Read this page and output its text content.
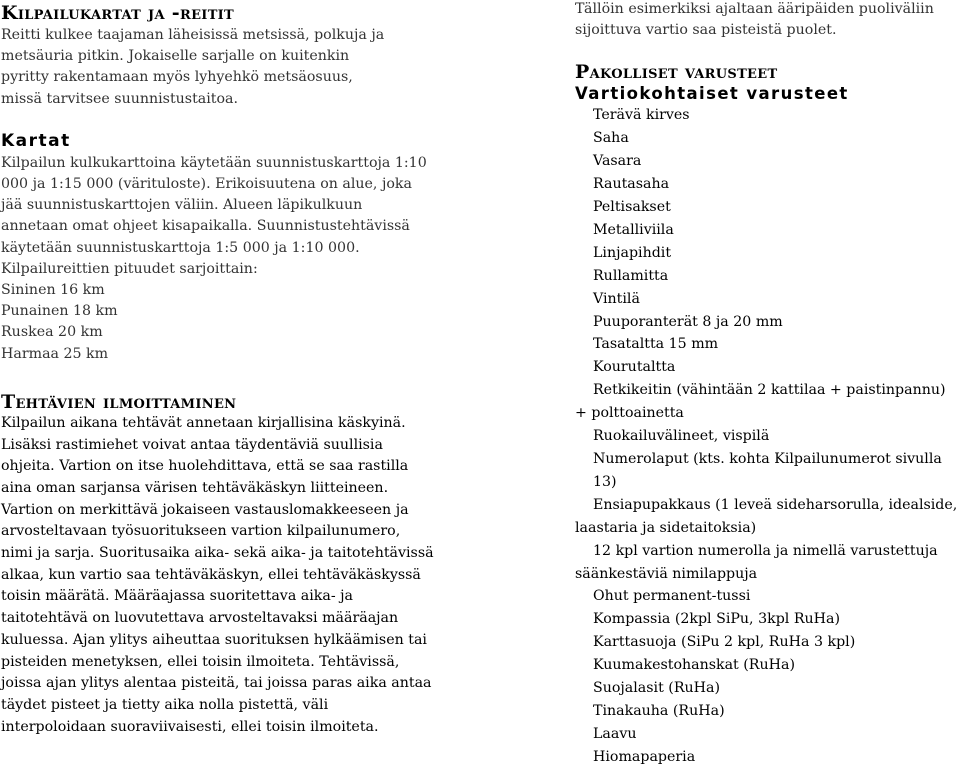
Kilpailukartat ja -reitit

Reitti kulkee taajaman läheisissä metsissä, polkuja ja metsäuria pitkin. Jokaiselle sarjalle on kuitenkin pyritty rakentamaan myös lyhyehkö metsäosuus, missä tarvitsee suunnistustaitoa.

Kartat
Kilpailun kulkukarttoina käytetään suunnistuskarttoja 1:10
000 ja 1:15 000 (värituloste). Erikoisuutena on alue, joka
jää suunnistuskarttojen väliin. Alueen läpikulkuun
annetaan omat ohjeet kisapaikalla. Suunnistustehtävissä
käytetään suunnistuskarttoja 1:5 000 ja 1:10 000.
Kilpailureittien pituudet sarjoittain:
Sininen 16 km
Punainen 18 km
Ruskea 20 km
Harmaa 25 km
Tehtävien ilmoittaminen
Kilpailun aikana tehtävät annetaan kirjallisina käskyinä.
Lisäksi rastimiehet voivat antaa täydentäviä suullisia
ohjeita. Vartion on itse huolehdittava, että se saa rastilla
aina oman sarjansa värisen tehtäväkäskyn liitteineen.
Vartion on merkittävä jokaiseen vastauslomakkeeseen ja
arvosteltavaan työsuoritukseen vartion kilpailunumero,
nimi ja sarja. Suoritusaika aika- sekä aika- ja taitotehtävissä
alkaa, kun vartio saa tehtäväkäskyn, ellei tehtäväkäskyssä
toisin määrätä. Määräajassa suoritettava aika- ja
taitotehtävä on luovutettava arvosteltavaksi määräajan
kuluessa. Ajan ylitys aiheuttaa suorituksen hylkäämisen tai
pisteiden menetyksen, ellei toisin ilmoiteta. Tehtävissä,
joissa ajan ylitys alentaa pisteitä, tai joissa paras aika antaa
täydet pisteet ja tietty aika nolla pistettä, väli
interpoloidaan suoraviivaisesti, ellei toisin ilmoiteta.
Tällöin esimerkiksi ajaltaan ääripäiden puoliväliin
sijoittuva vartio saa pisteistä puolet.
Pakolliset varusteet
Vartiokohtaiset varusteet
Terävä kirves
Saha
Vasara
Rautasaha
Peltisakset
Metalliviila
Linjapihdit
Rullamitta
Vintilä
Puuporanterät 8 ja 20 mm
Tasataltta 15 mm
Kourutaltta
Retkikeitin (vähintään 2 kattilaa + paistinpannu) + polttoainetta
Ruokailuvälineet, vispilä
Numerolaput (kts. kohta Kilpailunumerot sivulla 13)
Ensiapupakkaus (1 leveä sideharsorulla, idealside, laastaria ja sidetaitoksia)
12 kpl vartion numerolla ja nimellä varustettuja säänkestäviä nimilappuja
Ohut permanent-tussi
Kompassia (2kpl SiPu, 3kpl RuHa)
Karttasuoja (SiPu 2 kpl, RuHa 3 kpl)
Kuumakestohanskat (RuHa)
Suojalasit (RuHa)
Tinakauha (RuHa)
Laavu
Hiomapaperia
